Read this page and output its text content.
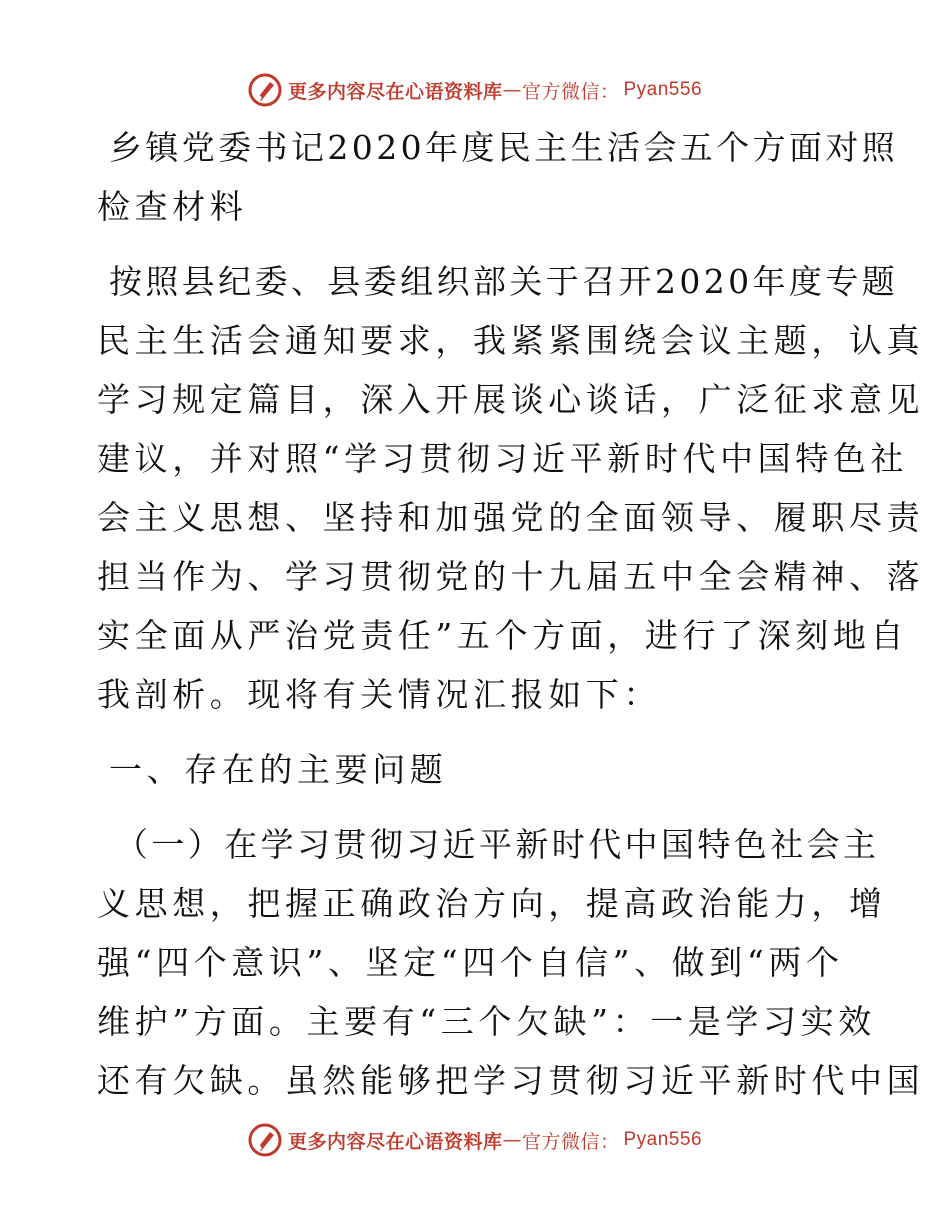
更多内容尽在心语资料库 — 官方微信： Pyan556
乡镇党委书记2020年度民主生活会五个方面对照
检查材料
按照县纪委、县委组织部关于召开2020年度专题
民主生活会通知要求，我紧紧围绕会议主题，认真
学习规定篇目，深入开展谈心谈话，广泛征求意见
建议，并对照“学习贯彻习近平新时代中国特色社
会主义思想、坚持和加强党的全面领导、履职尽责
担当作为、学习贯彻党的十九届五中全会精神、落
实全面从严治党责任”五个方面，进行了深刻地自
我剖析。现将有关情况汇报如下：
一、存在的主要问题
（一）在学习贯彻习近平新时代中国特色社会主
义思想，把握正确政治方向，提高政治能力，增
强“四个意识”、坚定“四个自信”、做到“两个
维护”方面。主要有“三个欠缺”：一是学习实效
还有欠缺。虽然能够把学习贯彻习近平新时代中国
更多内容尽在心语资料库 — 官方微信： Pyan556
